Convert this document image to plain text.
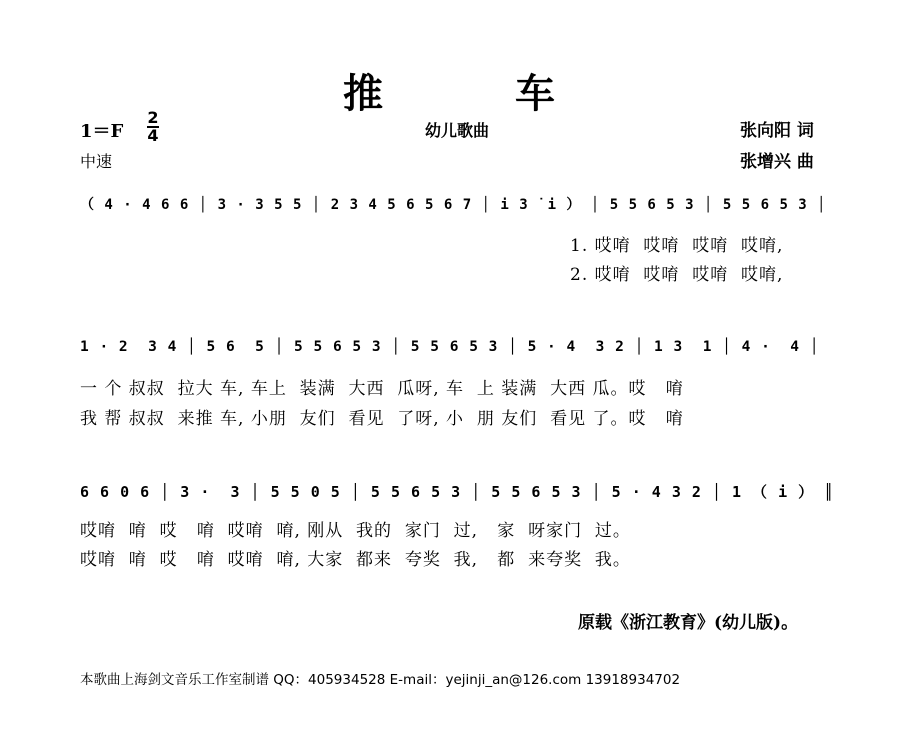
推	车
1＝F
2
4	幼儿歌曲	张向阳 词
张增兴 曲
中速
（ 4 · 4 6 6 │ 3 · 3 5 5 │ 2 3 4 5 6 5 6 7 │ i 3 ̇ i ） │ 5 5 6 5 3 │ 5 5 6 5 3 │
1. 哎唷  哎唷  哎唷  哎唷,
2. 哎唷  哎唷  哎唷  哎唷,
1 · 2  3 4 │ 5 6  5 │ 5 5 6 5 3 │ 5 5 6 5 3 │ 5 · 4  3 2 │ 1 3  1 │ 4 ·  4 │
一 个 叔叔  拉大 车, 车上  装满  大西  瓜呀, 车  上 装满  大西 瓜。哎   唷
我 帮 叔叔  来推 车, 小朋  友们  看见  了呀, 小  朋 友们  看见 了。哎   唷
6 6 0 6 │ 3 ·  3 │ 5 5 0 5 │ 5 5 6 5 3 │ 5 5 6 5 3 │ 5 · 4 3 2 │ 1 （ i ） ║
哎唷  唷  哎   唷  哎唷  唷, 刚从  我的  家门  过,   家  呀家门  过。
哎唷  唷  哎   唷  哎唷  唷, 大家  都来  夸奖  我,   都  来夸奖  我。
原载《浙江教育》(幼儿版)。
本歌曲上海剑文音乐工作室制谱 QQ：405934528 E-mail：yejinji_an@126.com 13918934702
